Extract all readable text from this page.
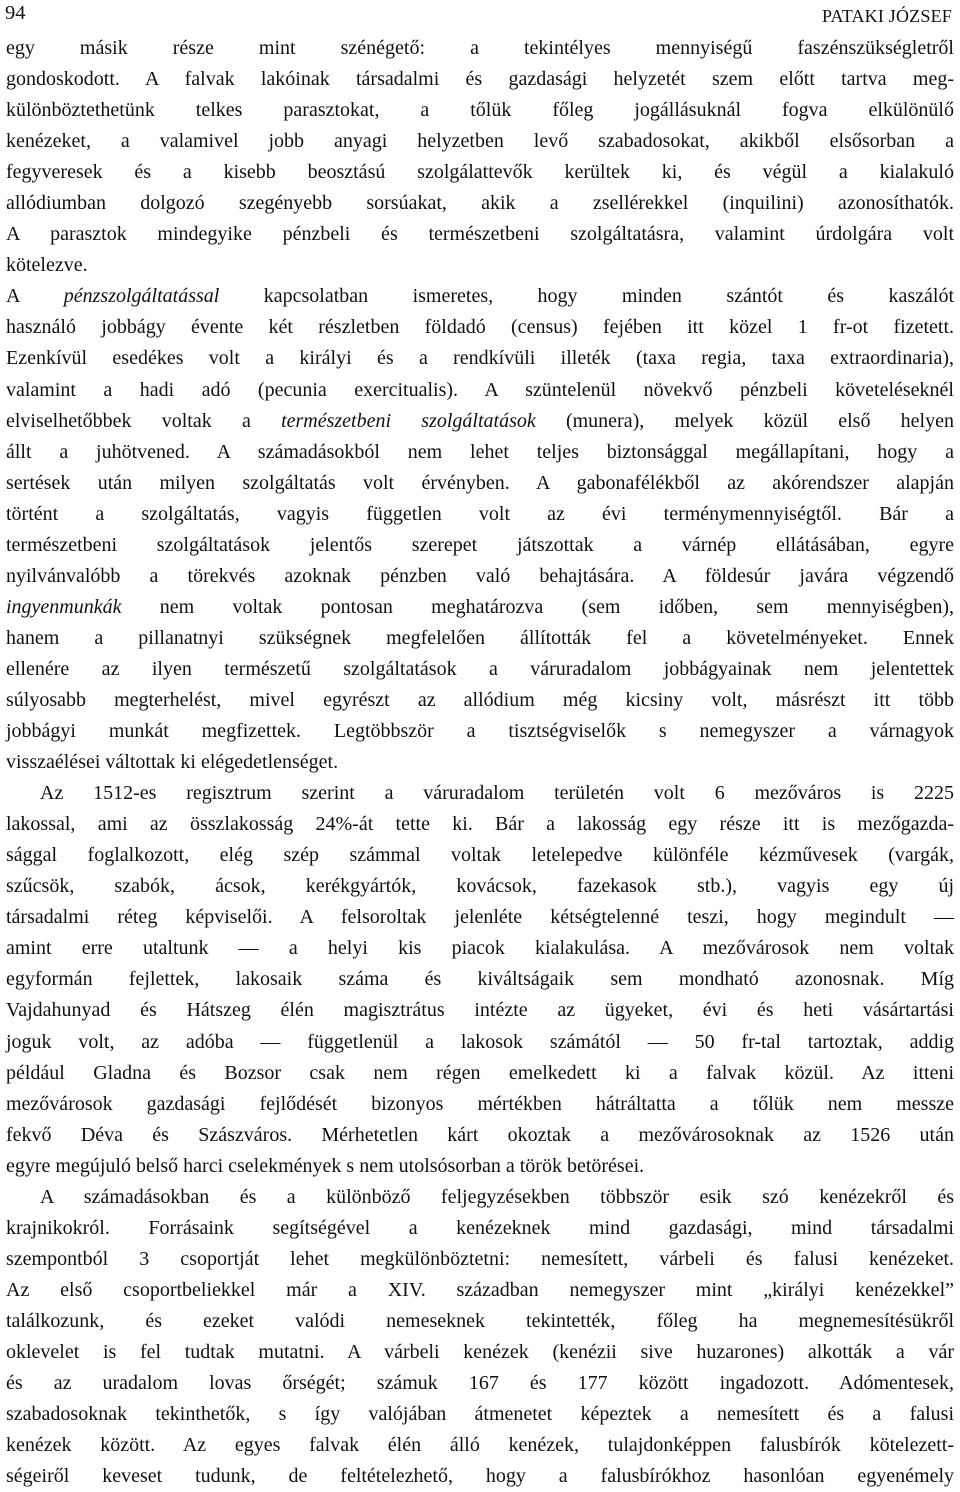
94	PATAKI JÓZSEF
egy másik része mint szénégető: a tekintélyes mennyiségű faszénszükségletről
gondoskodott. A falvak lakóinak társadalmi és gazdasági helyzetét szem előtt tartva meg-
különböztethetünk telkes parasztokat, a tőlük főleg jogállásuknál fogva elkülönülő
kenézeket, a valamivel jobb anyagi helyzetben levő szabadosokat, akikből elsősorban a
fegyveresek és a kisebb beosztású szolgálattevők kerültek ki, és végül a kialakuló
allódiumban dolgozó szegényebb sorsúakat, akik a zsellérekkel (inquilini) azonosíthatók.
A parasztok mindegyike pénzbeli és természetbeni szolgáltatásra, valamint úrdolgára volt
kötelezve.
A pénzszolgáltatással kapcsolatban ismeretes, hogy minden szántót és kaszálót
használó jobbágy évente két részletben földadó (census) fejében itt közel 1 fr-ot fizetett.
Ezenkívül esedékes volt a királyi és a rendkívüli illeték (taxa regia, taxa extraordinaria),
valamint a hadi adó (pecunia exercitualis). A szüntelenül növekvő pénzbeli követeléseknél
elviselhetőbbek voltak a természetbeni szolgáltatások (munera), melyek közül első helyen
állt a juhötvened. A számadásokból nem lehet teljes biztonsággal megállapítani, hogy a
sertések után milyen szolgáltatás volt érvényben. A gabonafélékből az akórendszer alapján
történt a szolgáltatás, vagyis független volt az évi terménymennyiségtől. Bár a
természetbeni szolgáltatások jelentős szerepet játszottak a várnép ellátásában, egyre
nyilvánvalóbb a törekvés azoknak pénzben való behajtására. A földesúr javára végzendő
ingyenmunkák nem voltak pontosan meghatározva (sem időben, sem mennyiségben),
hanem a pillanatnyi szükségnek megfelelően állították fel a követelményeket. Ennek
ellenére az ilyen természetű szolgáltatások a váruradalom jobbágyainak nem jelentettek
súlyosabb megterhelést, mivel egyrészt az allódium még kicsiny volt, másrészt itt több
jobbágyi munkát megfizettek. Legtöbbször a tisztségviselők s nemegyszer a várnagyok
visszaélései váltottak ki elégedetlenséget.
Az 1512-es regisztrum szerint a váruradalom területén volt 6 mezőváros is 2225
lakossal, ami az összlakosság 24%-át tette ki. Bár a lakosság egy része itt is mezőgazda-
sággal foglalkozott, elég szép számmal voltak letelepedve különféle kézművesek (vargák,
szűcsök, szabók, ácsok, kerékgyártók, kovácsok, fazekasok stb.), vagyis egy új
társadalmi réteg képviselői. A felsoroltak jelenléte kétségtelenné teszi, hogy megindult —
amint erre utaltunk — a helyi kis piacok kialakulása. A mezővárosok nem voltak
egyformán fejlettek, lakosaik száma és kiváltságaik sem mondható azonosnak. Míg
Vajdahunyad és Hátszeg élén magisztrátus intézte az ügyeket, évi és heti vásártartási
joguk volt, az adóba — függetlenül a lakosok számától — 50 fr-tal tartoztak, addig
például Gladna és Bozsor csak nem régen emelkedett ki a falvak közül. Az itteni
mezővárosok gazdasági fejlődését bizonyos mértékben hátráltatta a tőlük nem messze
fekvő Déva és Szászváros. Mérhetetlen kárt okoztak a mezővárosoknak az 1526 után
egyre megújuló belső harci cselekmények s nem utolsósorban a török betörései.
A számadásokban és a különböző feljegyzésekben többször esik szó kenézekről és
krajnikokról. Forrásaink segítségével a kenézeknek mind gazdasági, mind társadalmi
szempontból 3 csoportját lehet megkülönböztetni: nemesített, várbeli és falusi kenézeket.
Az első csoportbeliekkel már a XIV. században nemegyszer mint „királyi kenézekkel”
találkozunk, és ezeket valódi nemeseknek tekintették, főleg ha megnemesítésükről
oklevelet is fel tudtak mutatni. A várbeli kenézek (kenézii sive huzarones) alkották a vár
és az uradalom lovas őrségét; számuk 167 és 177 között ingadozott. Adómentesek,
szabadosoknak tekinthetők, s így valójában átmenetet képeztek a nemesített és a falusi
kenézek között. Az egyes falvak élén álló kenézek, tulajdonképpen falusbírók kötelezett-
ségeiről keveset tudunk, de feltételezhető, hogy a falusbírókhoz hasonlóan egyenémely
